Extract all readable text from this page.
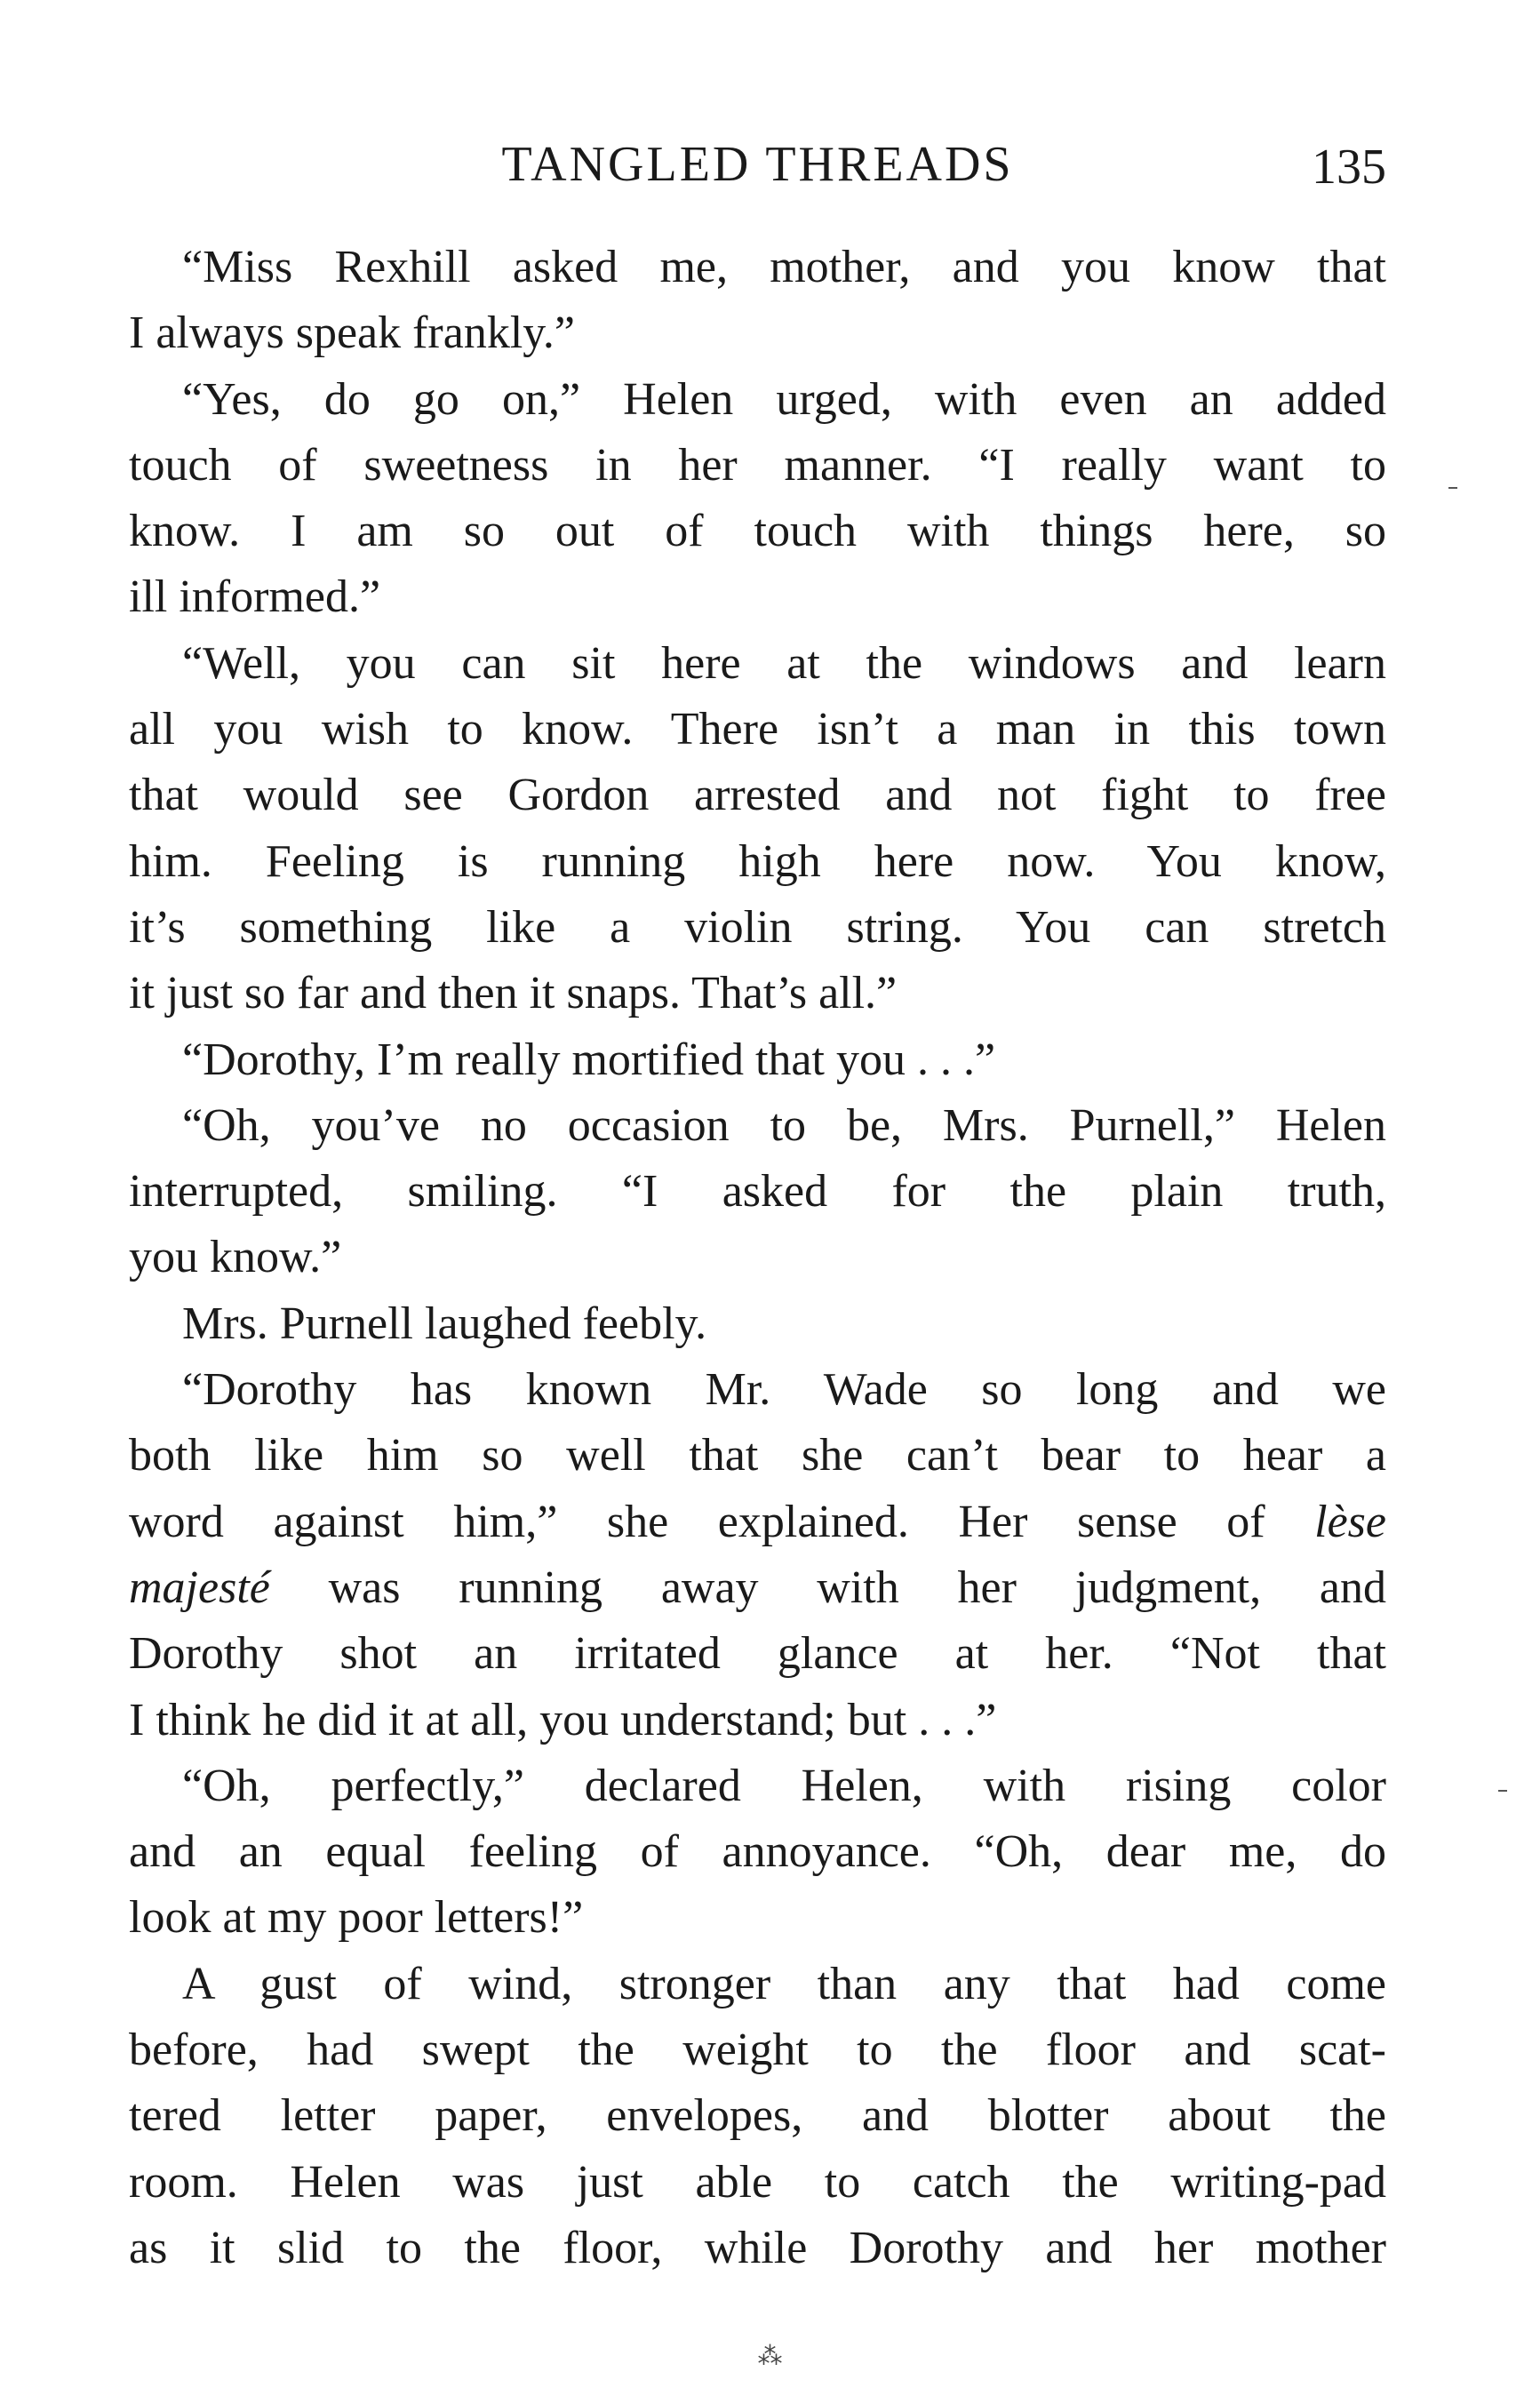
TANGLED THREADS	135
“Miss Rexhill asked me, mother, and you know that
I always speak frankly.”
“Yes, do go on,” Helen urged, with even an added
touch of sweetness in her manner. “I really want to
know. I am so out of touch with things here, so
ill informed.”
“Well, you can sit here at the windows and learn
all you wish to know. There isn’t a man in this town
that would see Gordon arrested and not fight to free
him. Feeling is running high here now. You know,
it’s something like a violin string. You can stretch
it just so far and then it snaps. That’s all.”
“Dorothy, I’m really mortified that you . . .”
“Oh, you’ve no occasion to be, Mrs. Purnell,” Helen
interrupted, smiling. “I asked for the plain truth,
you know.”
Mrs. Purnell laughed feebly.
“Dorothy has known Mr. Wade so long and we
both like him so well that she can’t bear to hear a
word against him,” she explained. Her sense of lèse
majesté was running away with her judgment, and
Dorothy shot an irritated glance at her. “Not that
I think he did it at all, you understand; but . . .”
“Oh, perfectly,” declared Helen, with rising color
and an equal feeling of annoyance. “Oh, dear me, do
look at my poor letters!”
A gust of wind, stronger than any that had come
before, had swept the weight to the floor and scat-
tered letter paper, envelopes, and blotter about the
room. Helen was just able to catch the writing-pad
as it slid to the floor, while Dorothy and her mother
⁂
